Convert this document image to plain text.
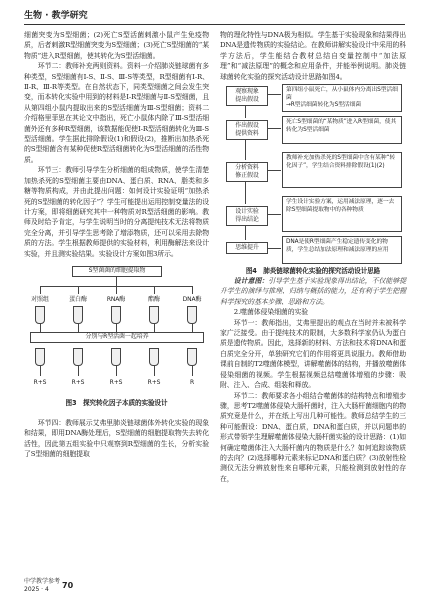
生物 · 教学研究

细菌突变为S型细菌；(2)死亡S型活菌刺激小鼠产生免疫物质，后者刺激R型细菌突变为S型细菌；(3)死亡S型细菌的“某物质”进入R型细菌，使其转化为S型活细菌。

环节二：教师补充两则资料。资料一介绍肺炎链球菌有多种类型，S型细菌有Ⅰ-S、Ⅱ-S、Ⅲ-S等类型，R型细菌有Ⅰ-R、Ⅱ-R、Ⅲ-R等类型。在自然状态下，同类型细菌之间会发生突变，而本转化实验中用到的材料是Ⅰ-R型细菌与Ⅱ-S型细菌，且从第四组小鼠内提取出来的S型活细菌为Ⅲ-S型细菌；资料二介绍格里菲思在其论文中指出，死亡小鼠体内除了Ⅲ-S型活细菌外还有多种R型细菌，该数据能促使Ⅰ-R型活细菌转化为Ⅲ-S型活细菌。学生据此排除假设(1)和假设(2)，推断出加热杀死的S型细菌含有某种促使R型活细菌转化为S型活细菌的活性物质。

环节三：教师引导学生分析细菌的组成物质，使学生清楚加热杀死的S型细菌主要由DNA、蛋白质、RNA、脂类和多糖等物质构成，并由此提出问题：如何设计实验证明“加热杀死的S型细菌的转化因子”？学生可能提出运用控制变量法的设计方案，即将细菌研究其中一种物质对R型活细菌的影响。教师及时给予肯定，与学生说明当时的分离提纯技术无法将物质完全分离，并引导学生思考除了增添物质，还可以采用去除物质的方法。学生根据教师提供的实验材料，利用酶解法来设计实验，并且测实验结果。实验设计方案如图3所示。

S型菌菌的细胞提取物
对照组	蛋白酶	RNA酶	酯酶	DNA酶
分别与R型活菌一起培养
R+S	R+S	R+S	R+S	R
图3　探究转化因子本质的实验设计

环节四：教师展示艾弗里肺炎链球菌体外转化实验的现象和结果，即用DNA酶处理后，S型细菌的细胞提取物失去转化活性，因此第五组实验中只观察到R型细菌的生长，分析实验了S型细菌的细胞提取

物的理化特性与DNA极为相似。学生基于实验现象和结果得出DNA是遗传物质的实验结论。在教师讲解实验设计中采用的科学方法后，学生能结合教材总结自变量控制中“加法原理”和“减法原理”的概念和应用条件，并能举例说明。肺炎链球菌转化实验的探究活动设计思路如图4。

观察现象
提出假设
作出假设
提供资料
分析资料
修正假设
设计实验
得出结论
思维提升
第四组小鼠死亡，从小鼠体内分离出S型活细菌
→R型活细菌转化为S型活细菌
死亡S型细菌的“某物质”进入R型细菌，使其转化为S型活细菌
教师补充加热杀死的S型细菌中含有某种“转化因子”，学生结合资料排除假设(1)(2)
学生设计实验方案，运用减法原理，逐一去除S型细菌提取物中的各种物质
DNA是使R型细菌产生稳定遗传变化的物质，学生总结加法原理和减法原理的应用
图4　肺炎链球菌转化实验的探究活动设计思路

设计意图：引导学生基于实验现象得出结论，不仅能够提升学生的演绎与推理、归纳与概括的能力，还有利于学生把握科学探究的基本步骤、思路和方法。

2.噬菌体侵染细菌的实验

环节一：教师指出，艾弗里提出的观点在当时并未被科学家广泛接受。由于提纯技术的限制，大多数科学家仍认为蛋白质是遗传物质。因此，选择新的材料、方法和技术将DNA和蛋白质完全分开，单独研究它们的作用将更具说服力。教师借助课前自制的T2噬菌体模型，讲解噬菌体的结构，并播放噬菌体侵染细菌的视频。学生根据视频总结噬菌体增殖的步骤：吸附、注入、合成、组装和释放。

环节二：教师要求各小组结合噬菌体的结构特点和增殖步骤，思考T2噬菌体侵染大肠杆菌时，注入大肠杆菌细胞内的物质究竟是什么，并在纸上写出几种可能性。教师总结学生的三种可能假设：DNA、蛋白质，DNA和蛋白质，并以问题串的形式带领学生理解噬菌体侵染大肠杆菌实验的设计思路：(1)如何确定噬菌体注入大肠杆菌内的物质是什么？如何追踪该物质的去向？(2)选择哪种元素来标记DNA和蛋白质？(3)放射性检测仪无法分辨放射性来自哪种元素，只能检测到放射性的存在，

中学教学参考
2025 · 4	70
